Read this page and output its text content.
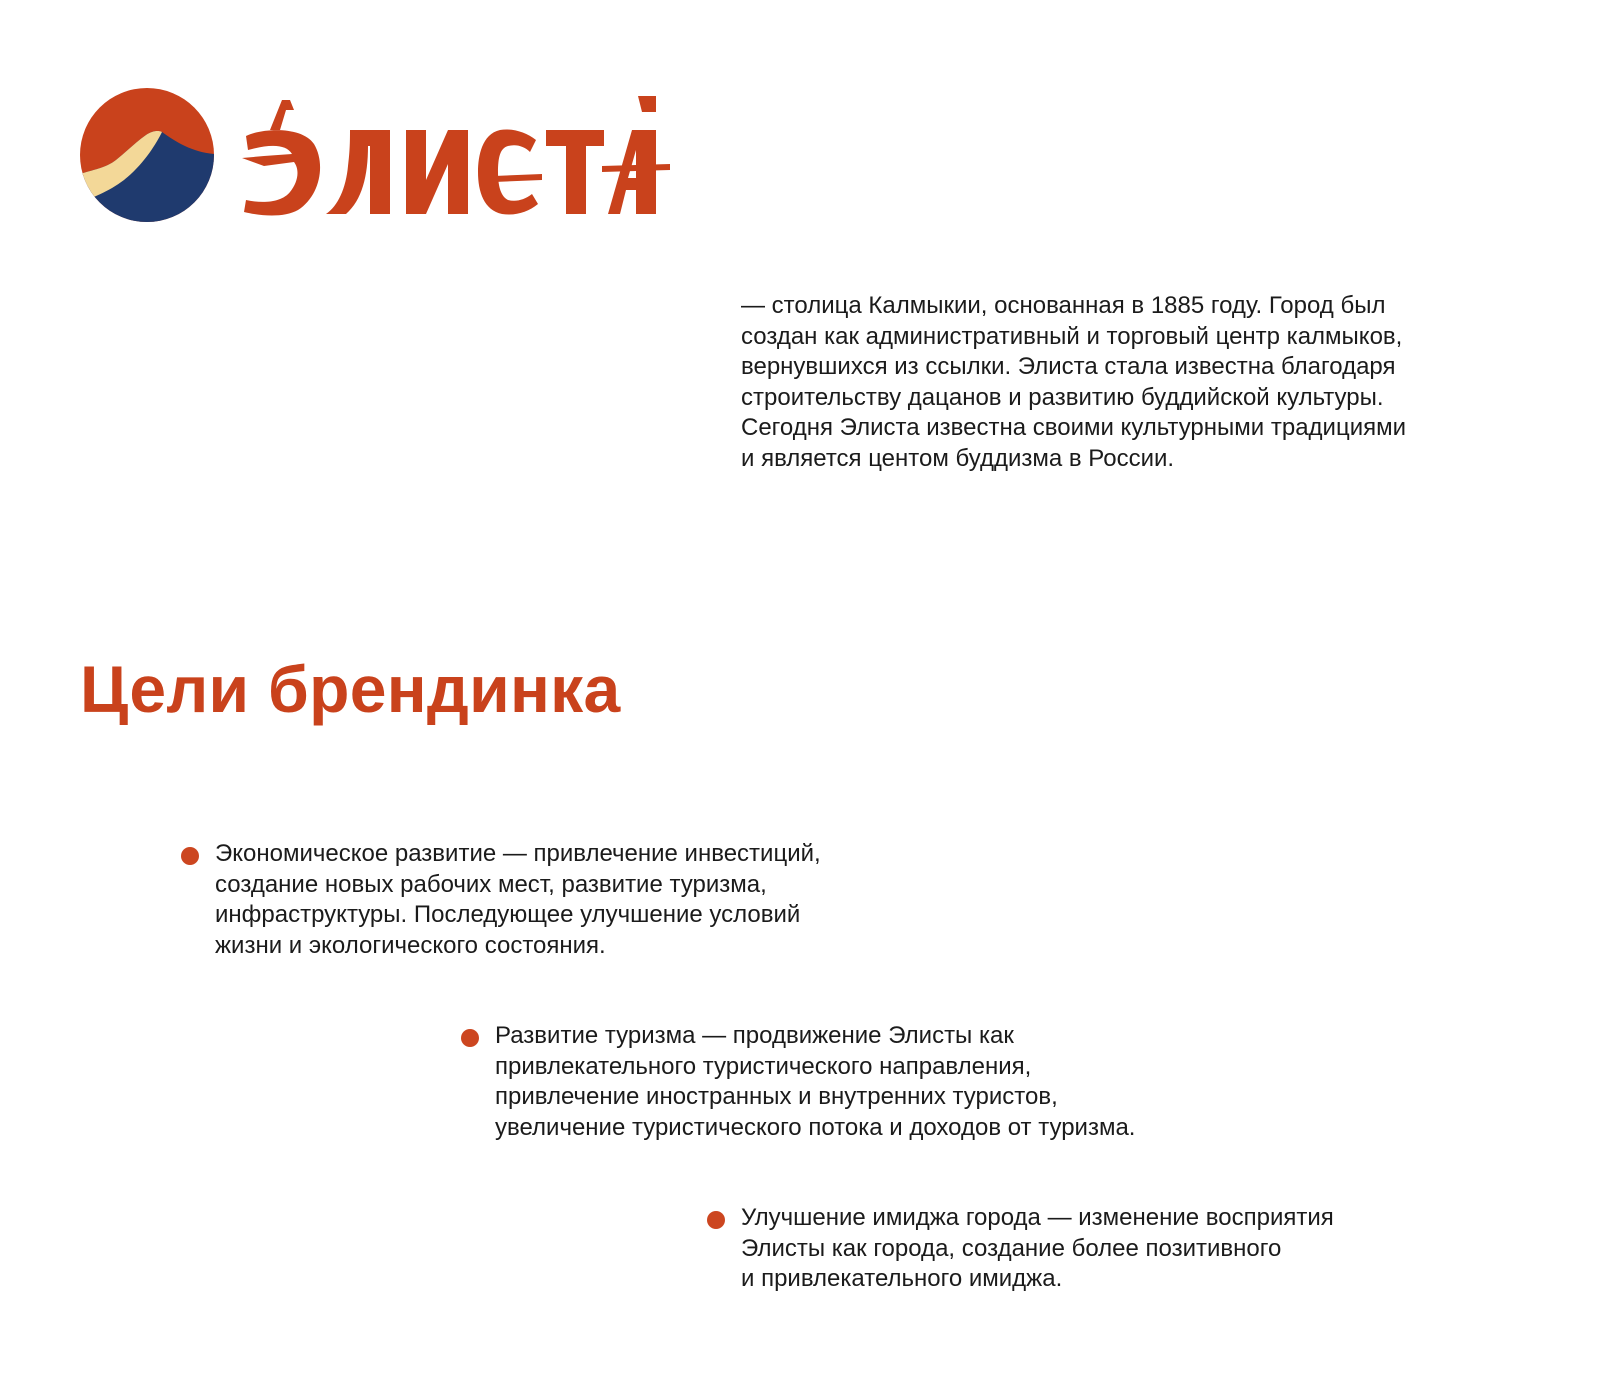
— столица Калмыкии, основанная в 1885 году. Город был
создан как административный и торговый центр калмыков,
вернувшихся из ссылки. Элиста стала известна благодаря
строительству дацанов и развитию буддийской культуры.
Сегодня Элиста известна своими культурными традициями
и является центом буддизма в России.

Цели брендинка

Экономическое развитие — привлечение инвестиций,
создание новых рабочих мест, развитие туризма,
инфраструктуры. Последующее улучшение условий
жизни и экологического состояния.

Развитие туризма — продвижение Элисты как
привлекательного туристического направления,
привлечение иностранных и внутренних туристов,
увеличение туристического потока и доходов от туризма.

Улучшение имиджа города — изменение восприятия
Элисты как города, создание более позитивного
и привлекательного имиджа.
